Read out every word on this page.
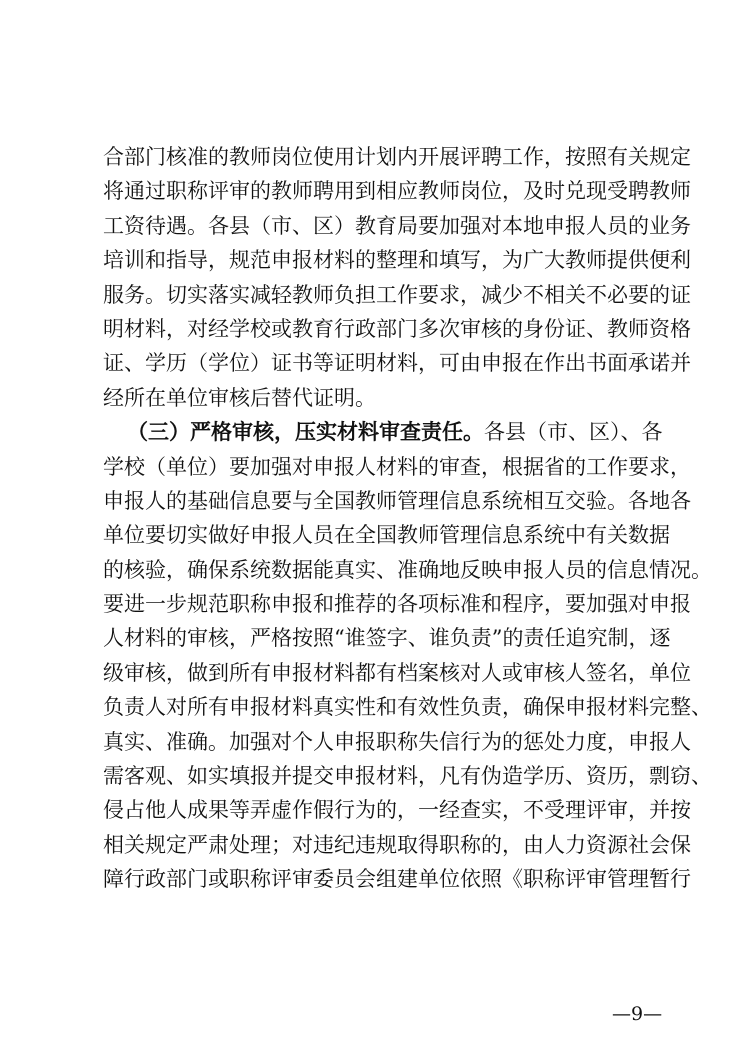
合部门核准的教师岗位使用计划内开展评聘工作，按照有关规定
将通过职称评审的教师聘用到相应教师岗位，及时兑现受聘教师
工资待遇。各县（市、区）教育局要加强对本地申报人员的业务
培训和指导，规范申报材料的整理和填写，为广大教师提供便利
服务。切实落实减轻教师负担工作要求，减少不相关不必要的证
明材料，对经学校或教育行政部门多次审核的身份证、教师资格
证、学历（学位）证书等证明材料，可由申报在作出书面承诺并
经所在单位审核后替代证明。
（三）严格审核，压实材料审查责任。各县（市、区）、各
学校（单位）要加强对申报人材料的审查，根据省的工作要求，
申报人的基础信息要与全国教师管理信息系统相互交验。各地各
单位要切实做好申报人员在全国教师管理信息系统中有关数据
的核验，确保系统数据能真实、准确地反映申报人员的信息情况。
要进一步规范职称申报和推荐的各项标准和程序，要加强对申报
人材料的审核，严格按照“谁签字、谁负责”的责任追究制，逐
级审核，做到所有申报材料都有档案核对人或审核人签名，单位
负责人对所有申报材料真实性和有效性负责，确保申报材料完整、
真实、准确。加强对个人申报职称失信行为的惩处力度，申报人
需客观、如实填报并提交申报材料，凡有伪造学历、资历，剽窃、
侵占他人成果等弄虚作假行为的，一经查实，不受理评审，并按
相关规定严肃处理；对违纪违规取得职称的，由人力资源社会保
障行政部门或职称评审委员会组建单位依照《职称评审管理暂行
—9—
